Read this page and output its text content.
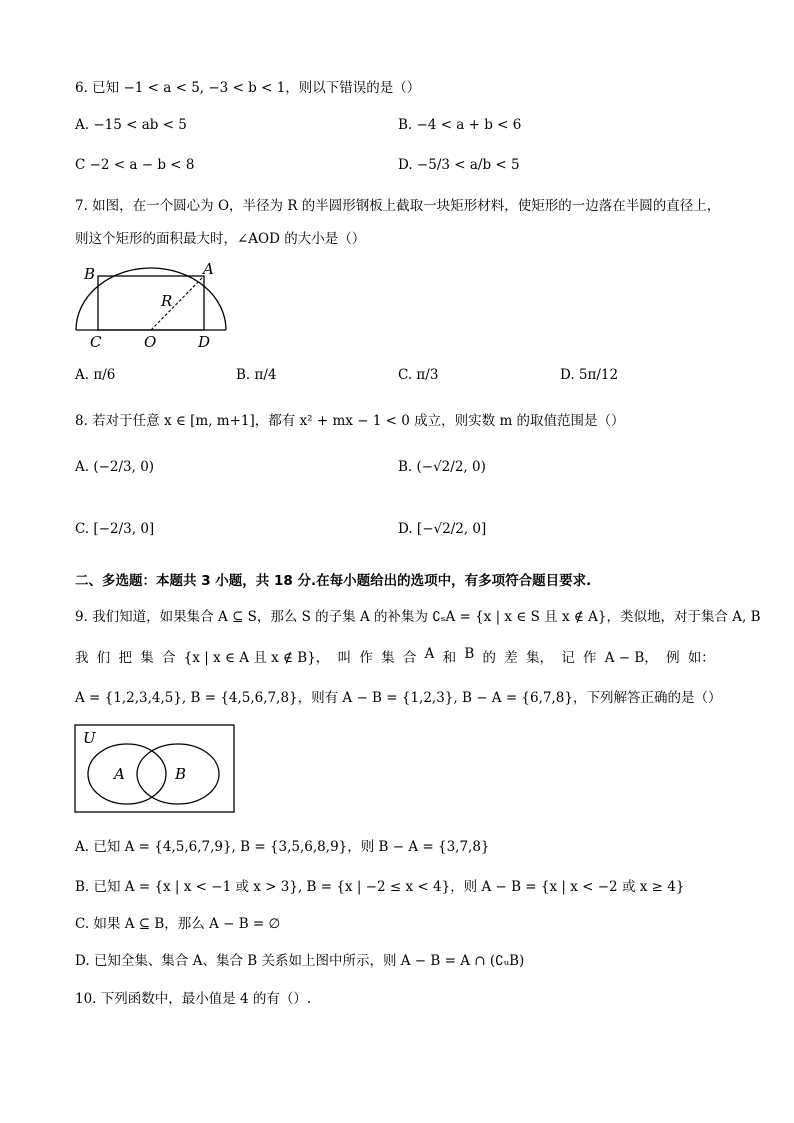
6. 已知 −1 < a < 5, −3 < b < 1，则以下错误的是（）
A. −15 < ab < 5	B. −4 < a + b < 6
C −2 < a − b < 8	D. −5/3 < a/b < 5
7. 如图，在一个圆心为 O，半径为 R 的半圆形钢板上截取一块矩形材料，使矩形的一边落在半圆的直径上，
则这个矩形的面积最大时，∠AOD 的大小是（）
B	A
R
C	O	D
A. π/6	B. π/4	C. π/3	D. 5π/12
8. 若对于任意 x ∈ [m, m+1]，都有 x² + mx − 1 < 0 成立，则实数 m 的取值范围是（）
A. (−2/3, 0)	B. (−√2/2, 0)
C. [−2/3, 0]	D. [−√2/2, 0]
二、多选题：本题共 3 小题，共 18 分.在每小题给出的选项中，有多项符合题目要求.
9. 我们知道，如果集合 A ⊆ S，那么 S 的子集 A 的补集为 ∁ₛA = {x | x ∈ S 且 x ∉ A}，类似地，对于集合 A, B
我 们 把 集 合 {x | x ∈ A 且 x ∉ B}， 叫 作 集 合 A 和 B 的 差 集， 记 作 A − B， 例 如：
A = {1,2,3,4,5}, B = {4,5,6,7,8}，则有 A − B = {1,2,3}, B − A = {6,7,8}，下列解答正确的是（）
U
A	B
A. 已知 A = {4,5,6,7,9}, B = {3,5,6,8,9}，则 B − A = {3,7,8}
B. 已知 A = {x | x < −1 或 x > 3}, B = {x | −2 ≤ x < 4}，则 A − B = {x | x < −2 或 x ≥ 4}
C. 如果 A ⊆ B，那么 A − B = ∅
D. 已知全集、集合 A、集合 B 关系如上图中所示，则 A − B = A ∩ (∁ᵤB)
10. 下列函数中，最小值是 4 的有（）.
